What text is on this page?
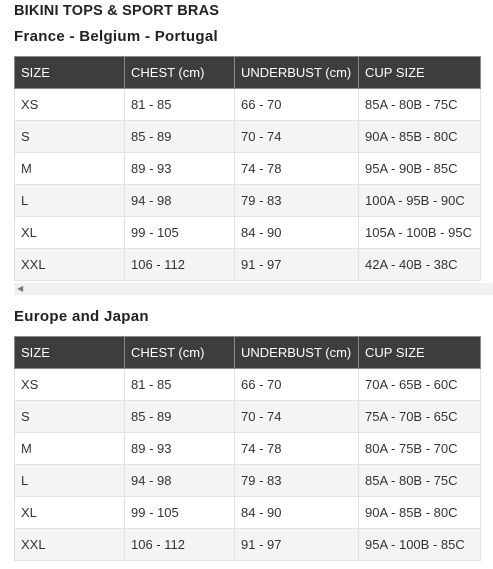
BIKINI TOPS & SPORT BRAS
France - Belgium - Portugal
SIZE	CHEST (cm)	UNDERBUST (cm)	CUP SIZE
XS	81 - 85	66 - 70	85A - 80B - 75C
S	85 - 89	70 - 74	90A - 85B - 80C
M	89 - 93	74 - 78	95A - 90B - 85C
L	94 - 98	79 - 83	100A - 95B - 90C
XL	99 - 105	84 - 90	105A - 100B - 95C
XXL	106 - 112	91 - 97	42A - 40B - 38C
◀
Europe and Japan
SIZE	CHEST (cm)	UNDERBUST (cm)	CUP SIZE
XS	81 - 85	66 - 70	70A - 65B - 60C
S	85 - 89	70 - 74	75A - 70B - 65C
M	89 - 93	74 - 78	80A - 75B - 70C
L	94 - 98	79 - 83	85A - 80B - 75C
XL	99 - 105	84 - 90	90A - 85B - 80C
XXL	106 - 112	91 - 97	95A - 100B - 85C
